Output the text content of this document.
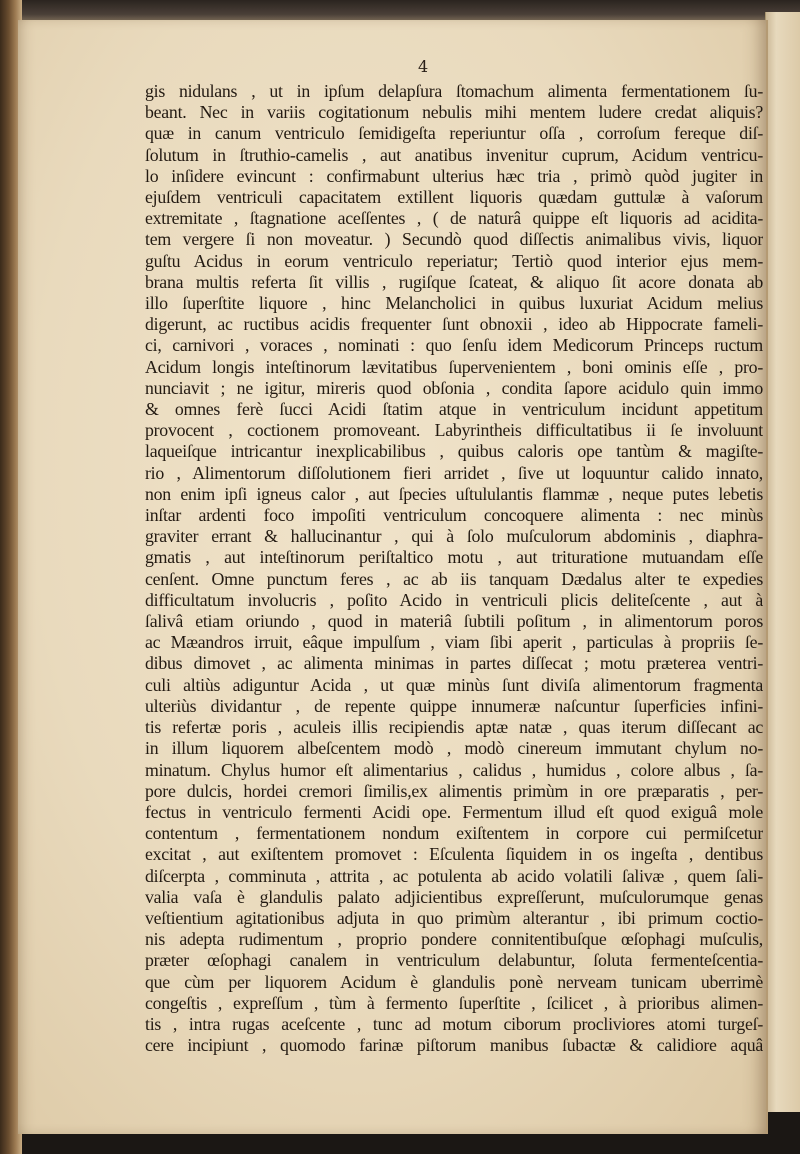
4
gis nidulans , ut in ipſum delapſura ſtomachum alimenta fermentationem ſu-
beant. Nec in variis cogitationum nebulis mihi mentem ludere credat aliquis?
quæ in canum ventriculo ſemidigeſta reperiuntur oſſa , corroſum fereque diſ-
ſolutum in ſtruthio-camelis , aut anatibus invenitur cuprum, Acidum ventricu-
lo inſidere evincunt : confirmabunt ulterius hæc tria , primò quòd jugiter in
ejuſdem ventriculi capacitatem extillent liquoris quædam guttulæ à vaſorum
extremitate , ſtagnatione aceſſentes , ( de naturâ quippe eſt liquoris ad acidita-
tem vergere ſi non moveatur. ) Secundò quod diſſectis animalibus vivis, liquor
guſtu Acidus in eorum ventriculo reperiatur; Tertiò quod interior ejus mem-
brana multis referta ſit villis , rugiſque ſcateat, & aliquo ſit acore donata ab
illo ſuperſtite liquore , hinc Melancholici in quibus luxuriat Acidum melius
digerunt, ac ructibus acidis frequenter ſunt obnoxii , ideo ab Hippocrate fameli-
ci, carnivori , voraces , nominati : quo ſenſu idem Medicorum Princeps ructum
Acidum longis inteſtinorum lævitatibus ſupervenientem , boni ominis eſſe , pro-
nunciavit ; ne igitur, mireris quod obſonia , condita ſapore acidulo quin immo
& omnes ferè ſucci Acidi ſtatim atque in ventriculum incidunt appetitum
provocent , coctionem promoveant. Labyrintheis difficultatibus ii ſe involuunt
laqueiſque intricantur inexplicabilibus , quibus caloris ope tantùm & magiſte-
rio , Alimentorum diſſolutionem fieri arridet , ſive ut loquuntur calido innato,
non enim ipſi igneus calor , aut ſpecies uſtululantis flammæ , neque putes lebetis
inſtar ardenti foco impoſiti ventriculum concoquere alimenta : nec minùs
graviter errant & hallucinantur , qui à ſolo muſculorum abdominis , diaphra-
gmatis , aut inteſtinorum periſtaltico motu , aut trituratione mutuandam eſſe
cenſent. Omne punctum feres , ac ab iis tanquam Dædalus alter te expedies
difficultatum involucris , poſito Acido in ventriculi plicis deliteſcente , aut à
ſalivâ etiam oriundo , quod in materiâ ſubtili poſitum , in alimentorum poros
ac Mæandros irruit, eâque impulſum , viam ſibi aperit , particulas à propriis ſe-
dibus dimovet , ac alimenta minimas in partes diſſecat ; motu præterea ventri-
culi altiùs adiguntur Acida , ut quæ minùs ſunt diviſa alimentorum fragmenta
ulteriùs dividantur , de repente quippe innumeræ naſcuntur ſuperficies infini-
tis refertæ poris , aculeis illis recipiendis aptæ natæ , quas iterum diſſecant ac
in illum liquorem albeſcentem modò , modò cinereum immutant chylum no-
minatum. Chylus humor eſt alimentarius , calidus , humidus , colore albus , ſa-
pore dulcis, hordei cremori ſimilis,ex alimentis primùm in ore præparatis , per-
fectus in ventriculo fermenti Acidi ope. Fermentum illud eſt quod exiguâ mole
contentum , fermentationem nondum exiſtentem in corpore cui permiſcetur
excitat , aut exiſtentem promovet : Eſculenta ſiquidem in os ingeſta , dentibus
diſcerpta , comminuta , attrita , ac potulenta ab acido volatili ſalivæ , quem ſali-
valia vaſa è glandulis palato adjicientibus expreſſerunt, muſculorumque genas
veſtientium agitationibus adjuta in quo primùm alterantur , ibi primum coctio-
nis adepta rudimentum , proprio pondere connitentibuſque œſophagi muſculis,
præter œſophagi canalem in ventriculum delabuntur, ſoluta fermenteſcentia-
que cùm per liquorem Acidum è glandulis ponè nerveam tunicam uberrimè
congeſtis , expreſſum , tùm à fermento ſuperſtite , ſcilicet , à prioribus alimen-
tis , intra rugas aceſcente , tunc ad motum ciborum procliviores atomi turgeſ-
cere incipiunt , quomodo farinæ piſtorum manibus ſubactæ & calidiore aquâ
